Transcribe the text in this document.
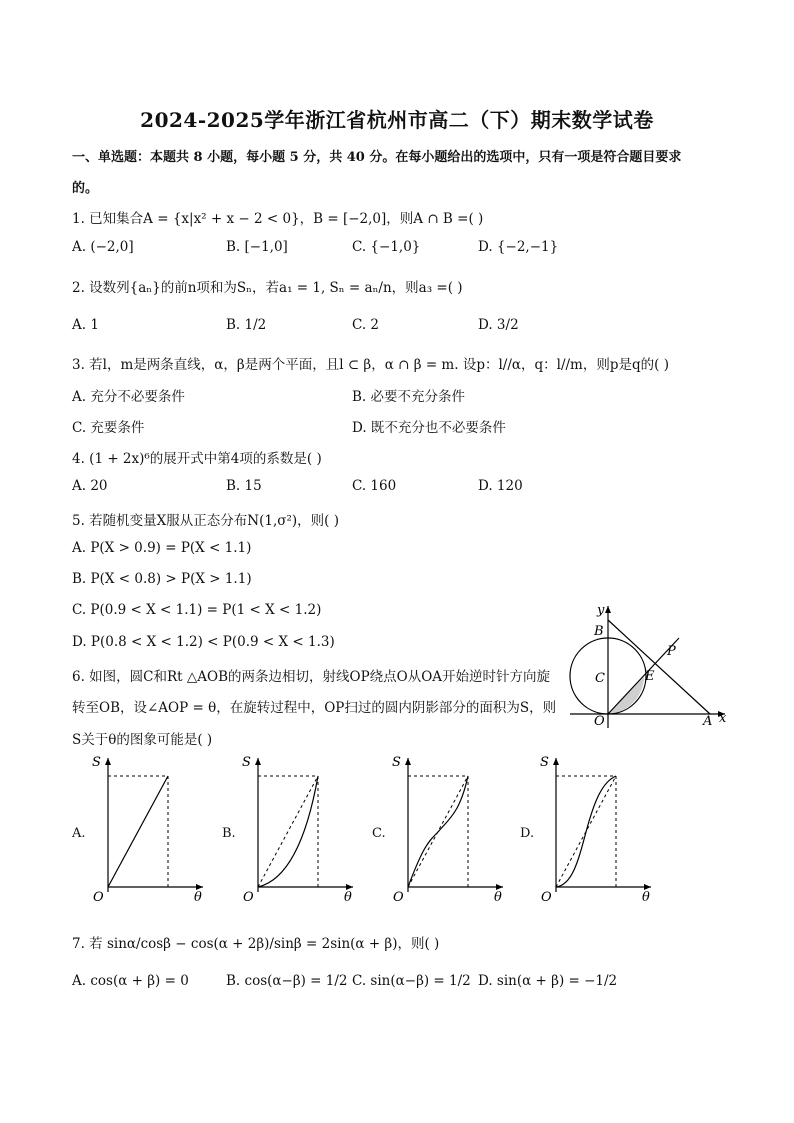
2024-2025学年浙江省杭州市高二（下）期末数学试卷
一、单选题：本题共 8 小题，每小题 5 分，共 40 分。在每小题给出的选项中，只有一项是符合题目要求
的。
1. 已知集合A = {x|x² + x − 2 < 0}，B = [−2,0]，则A ∩ B =( )
A. (−2,0]	B. [−1,0]	C. {−1,0}	D. {−2,−1}
2. 设数列{aₙ}的前n项和为Sₙ，若a₁ = 1, Sₙ = aₙ/n，则a₃ =( )
A. 1	B. 1/2	C. 2	D. 3/2
3. 若l，m是两条直线，α，β是两个平面，且l ⊂ β，α ∩ β = m. 设p：l//α，q：l//m，则p是q的( )
A. 充分不必要条件	B. 必要不充分条件
C. 充要条件	D. 既不充分也不必要条件
4. (1 + 2x)⁶的展开式中第4项的系数是( )
A. 20	B. 15	C. 160	D. 120
5. 若随机变量X服从正态分布N(1,σ²)，则( )
A. P(X > 0.9) = P(X < 1.1)
B. P(X < 0.8) > P(X > 1.1)
C. P(0.9 < X < 1.1) = P(1 < X < 1.2)
D. P(0.8 < X < 1.2) < P(0.9 < X < 1.3)
6. 如图，圆C和Rt △AOB的两条边相切，射线OP绕点O从OA开始逆时针方向旋
转至OB，设∠AOP = θ，在旋转过程中，OP扫过的圆内阴影部分的面积为S，则
S关于θ的图象可能是( )
y
B
P
C	E
O	A x
A.	B.	C.	D.
S
O	θ
S
O	θ
S
O	θ
S
O	θ
7. 若 sinα/cosβ − cos(α + 2β)/sinβ = 2sin(α + β)，则( )
A. cos(α + β) = 0	B. cos(α−β) = 1/2 C. sin(α−β) = 1/2 D. sin(α + β) = −1/2
